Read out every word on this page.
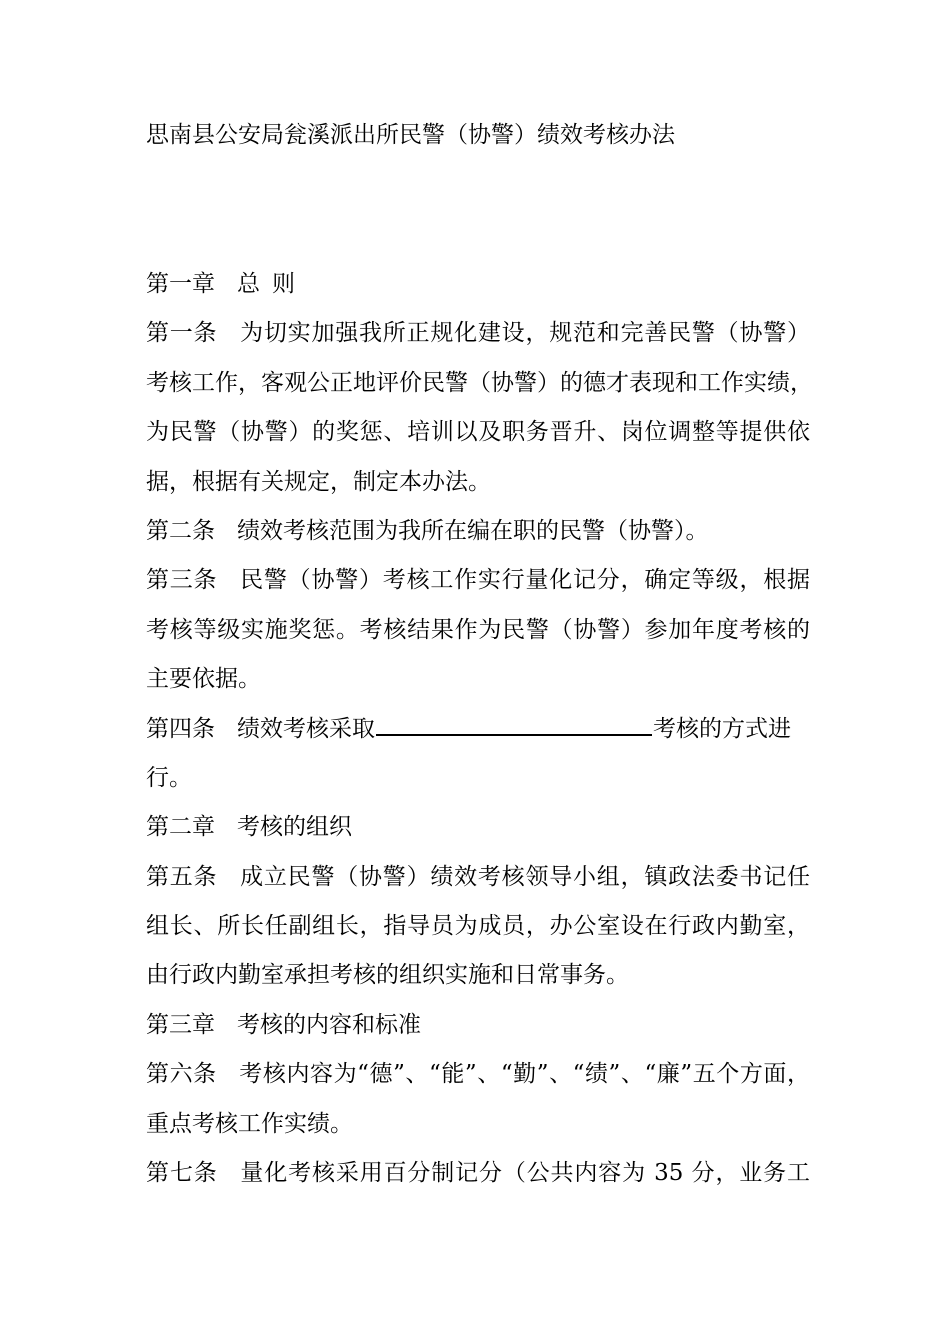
思南县公安局瓮溪派出所民警（协警）绩效考核办法
第一章 总 则
第一条 为切实加强我所正规化建设，规范和完善民警（协警）
考核工作，客观公正地评价民警（协警）的德才表现和工作实绩，
为民警（协警）的奖惩、培训以及职务晋升、岗位调整等提供依
据，根据有关规定，制定本办法。
第二条 绩效考核范围为我所在编在职的民警（协警）。
第三条 民警（协警）考核工作实行量化记分，确定等级，根据
考核等级实施奖惩。考核结果作为民警（协警）参加年度考核的
主要依据。
第四条 绩效考核采取	考核的方式进
行。
第二章 考核的组织
第五条 成立民警（协警）绩效考核领导小组，镇政法委书记任
组长、所长任副组长，指导员为成员，办公室设在行政内勤室，
由行政内勤室承担考核的组织实施和日常事务。
第三章 考核的内容和标准
第六条 考核内容为“德”、“能”、“勤”、“绩”、“廉”五个方面，
重点考核工作实绩。
第七条 量化考核采用百分制记分（公共内容为 35 分，业务工
